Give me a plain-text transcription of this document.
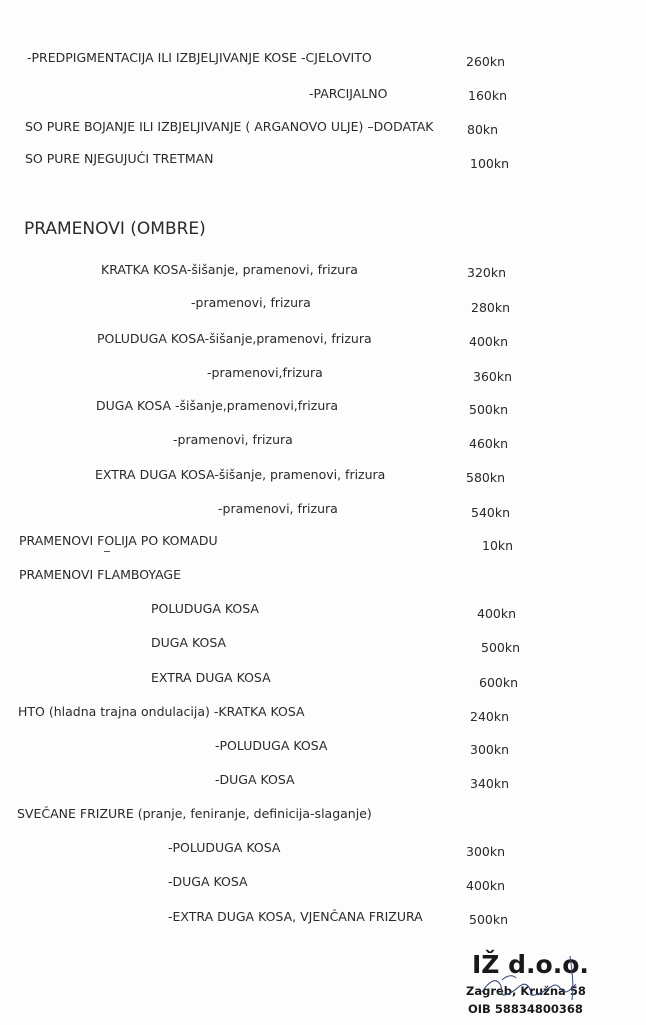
-PREDPIGMENTACIJA ILI IZBJELJIVANJE KOSE -CJELOVITO	260kn
-PARCIJALNO	160kn
SO PURE BOJANJE ILI IZBJELJIVANJE ( ARGANOVO ULJE) –DODATAK	80kn
SO PURE NJEGUJUĆI TRETMAN	100kn
PRAMENOVI (OMBRE)
KRATKA KOSA-šišanje, pramenovi, frizura	320kn
-pramenovi, frizura	280kn
POLUDUGA KOSA-šišanje,pramenovi, frizura	400kn
-pramenovi,frizura	360kn
DUGA KOSA -šišanje,pramenovi,frizura	500kn
-pramenovi, frizura	460kn
EXTRA DUGA KOSA-šišanje, pramenovi, frizura	580kn
-pramenovi, frizura	540kn
PRAMENOVI FOLIJA PO KOMADU	10kn
PRAMENOVI FLAMBOYAGE
POLUDUGA KOSA	400kn
DUGA KOSA	500kn
EXTRA DUGA KOSA	600kn
HTO (hladna trajna ondulacija) -KRATKA KOSA	240kn
-POLUDUGA KOSA	300kn
-DUGA KOSA	340kn
SVEČANE FRIZURE (pranje, feniranje, definicija-slaganje)
-POLUDUGA KOSA	300kn
-DUGA KOSA	400kn
-EXTRA DUGA KOSA, VJENČANA FRIZURA	500kn
IŽ d.o.o.
Zagreb, Kružna 58
OIB 58834800368
